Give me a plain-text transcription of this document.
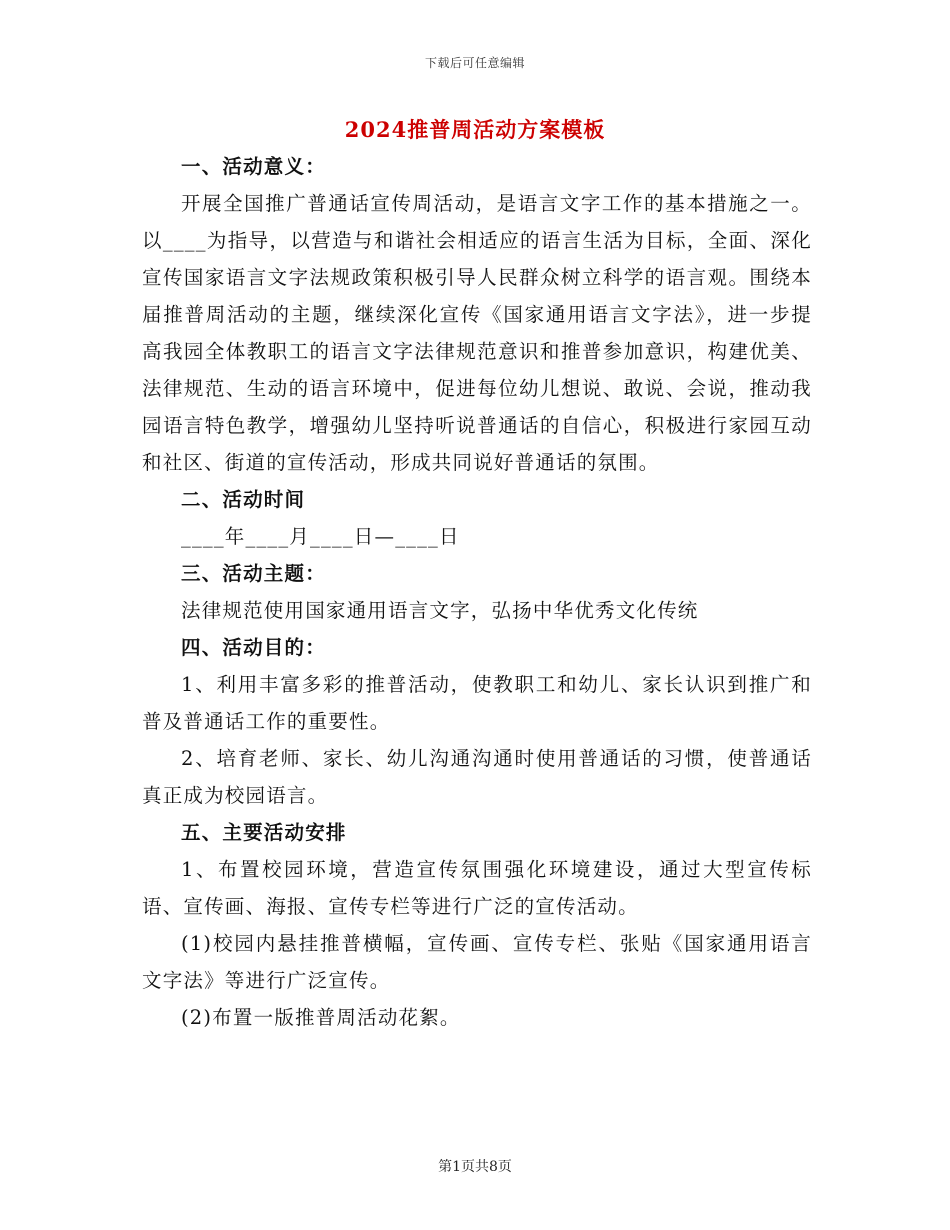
下载后可任意编辑
2024推普周活动方案模板

一、活动意义：

开展全国推广普通话宣传周活动，是语言文字工作的基本措施之一。以____为指导，以营造与和谐社会相适应的语言生活为目标，全面、深化宣传国家语言文字法规政策积极引导人民群众树立科学的语言观。围绕本届推普周活动的主题，继续深化宣传《国家通用语言文字法》，进一步提高我园全体教职工的语言文字法律规范意识和推普参加意识，构建优美、法律规范、生动的语言环境中，促进每位幼儿想说、敢说、会说，推动我园语言特色教学，增强幼儿坚持听说普通话的自信心，积极进行家园互动和社区、街道的宣传活动，形成共同说好普通话的氛围。

二、活动时间

____年____月____日—____日

三、活动主题：

法律规范使用国家通用语言文字，弘扬中华优秀文化传统

四、活动目的：

1、利用丰富多彩的推普活动，使教职工和幼儿、家长认识到推广和普及普通话工作的重要性。

2、培育老师、家长、幼儿沟通沟通时使用普通话的习惯，使普通话真正成为校园语言。

五、主要活动安排

1、布置校园环境，营造宣传氛围强化环境建设，通过大型宣传标语、宣传画、海报、宣传专栏等进行广泛的宣传活动。

(1)校园内悬挂推普横幅，宣传画、宣传专栏、张贴《国家通用语言文字法》等进行广泛宣传。

(2)布置一版推普周活动花絮。

第1页共8页
